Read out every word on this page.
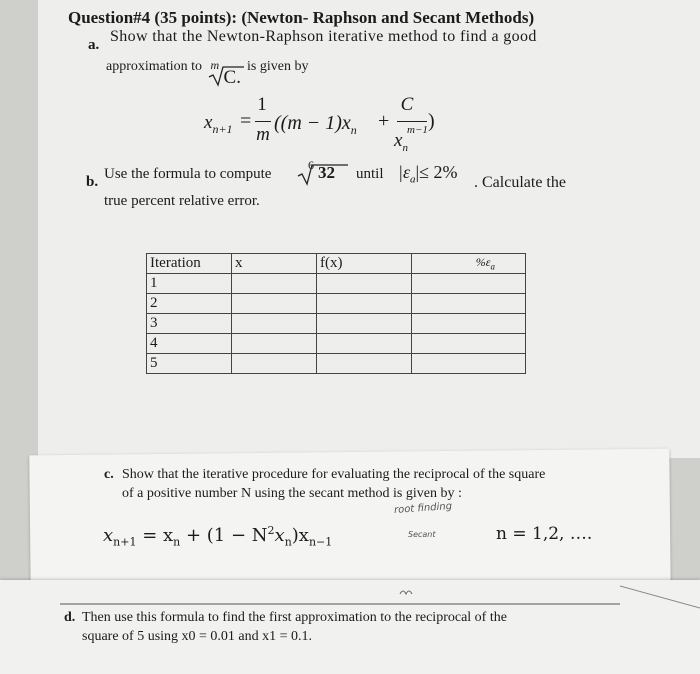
Question#4 (35 points): (Newton- Raphson and Secant Methods)
a. Show that the Newton-Raphson iterative method to find a good
approximation to m
C.
is given by
$x_{n+1}$ =
1
m
($(m - 1)x_n$ +
C
$x_n$
m−1 )
b. Use the formula to compute
6 32 until $|\varepsilon_a|\le 2\%$
. Calculate the
true percent relative error.
Iteration	x	f(x)	$\%\varepsilon_a$
1			
2			
3			
4			
5			
c. Show that the iterative procedure for evaluating the reciprocal of the square
of a positive number N using the secant method is given by :
$x_{n+1} = x_n + (1 - N^2x_n)x_{n-1}$
root finding
Secant	n = 1,2, ….
d. Then use this formula to find the first approximation to the reciprocal of the
square of 5 using x0 = 0.01 and x1 = 0.1.
